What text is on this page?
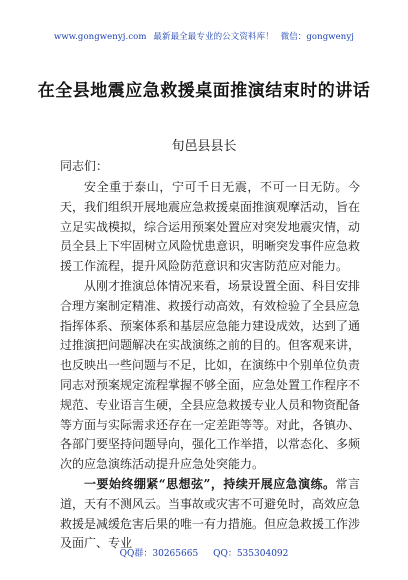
www.gongwenyj.com 最新最全最专业的公文资料库！ 微信：gongwenyj
在全县地震应急救援桌面推演结束时的讲话
旬邑县县长
同志们：

安全重于泰山，宁可千日无震，不可一日无防。今天，我们组织开展地震应急救援桌面推演观摩活动，旨在立足实战模拟，综合运用预案处置应对突发地震灾情，动员全县上下牢固树立风险忧患意识，明晰突发事件应急救援工作流程，提升风险防范意识和灾害防范应对能力。

从刚才推演总体情况来看，场景设置全面、科目安排合理方案制定精准、救援行动高效，有效检验了全县应急指挥体系、预案体系和基层应急能力建设成效，达到了通过推演把问题解决在实战演练之前的目的。但客观来讲，也反映出一些问题与不足，比如，在演练中个别单位负责同志对预案规定流程掌握不够全面，应急处置工作程序不规范、专业语言生硬，全县应急救援专业人员和物资配备等方面与实际需求还存在一定差距等等。对此，各镇办、各部门要坚持问题导向，强化工作举措，以常态化、多频次的应急演练活动提升应急处突能力。

一要始终绷紧“思想弦”，持续开展应急演练。常言道，天有不测风云。当事故或灾害不可避免时，高效应急救援是减缓危害后果的唯一有力措施。但应急救援工作涉及面广、专业

QQ群：30265665 QQ：535304092
